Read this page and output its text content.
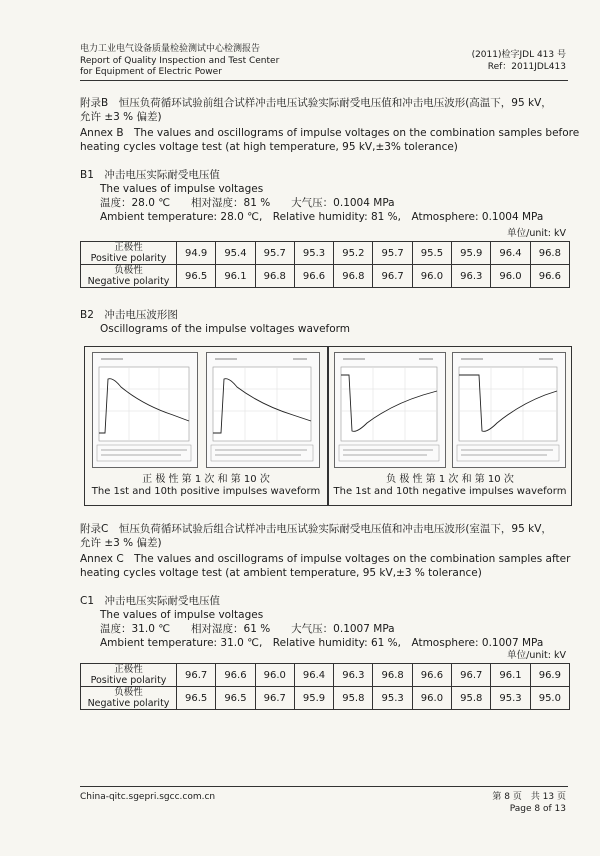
电力工业电气设备质量检验测试中心检测报告
Report of Quality Inspection and Test Center
for Equipment of Electric Power
(2011)检字JDL 413 号
Ref：2011JDL413
附录B　恒压负荷循环试验前组合试样冲击电压试验实际耐受电压值和冲击电压波形(高温下，95 kV，
允许 ±3 % 偏差)
Annex B　The values and oscillograms of impulse voltages on the combination samples before
heating cycles voltage test (at high temperature, 95 kV,±3% tolerance)
B1　冲击电压实际耐受电压值
The values of impulse voltages
温度：28.0 ℃　　相对湿度：81 %　　大气压：0.1004 MPa
Ambient temperature: 28.0 ℃,　Relative humidity: 81 %,　Atmosphere: 0.1004 MPa
单位/unit: kV
正极性
Positive polarity	94.9	95.4	95.7	95.3	95.2	95.7	95.5	95.9	96.4	96.8
负极性
Negative polarity	96.5	96.1	96.8	96.6	96.8	96.7	96.0	96.3	96.0	96.6
B2　冲击电压波形图
Oscillograms of the impulse voltages waveform
正 极 性 第 1 次 和 第 10 次
The 1st and 10th positive impulses waveform
负 极 性 第 1 次 和 第 10 次
The 1st and 10th negative impulses waveform
附录C　恒压负荷循环试验后组合试样冲击电压试验实际耐受电压值和冲击电压波形(室温下，95 kV，
允许 ±3 % 偏差)
Annex C　The values and oscillograms of impulse voltages on the combination samples after
heating cycles voltage test (at ambient temperature, 95 kV,±3 % tolerance)
C1　冲击电压实际耐受电压值
The values of impulse voltages
温度：31.0 ℃　　相对湿度：61 %　　大气压：0.1007 MPa
Ambient temperature: 31.0 ℃,　Relative humidity: 61 %,　Atmosphere: 0.1007 MPa
单位/unit: kV
正极性
Positive polarity	96.7	96.6	96.0	96.4	96.3	96.8	96.6	96.7	96.1	96.9
负极性
Negative polarity	96.5	96.5	96.7	95.9	95.8	95.3	96.0	95.8	95.3	95.0
China-qitc.sgepri.sgcc.com.cn	第 8 页　共 13 页
Page 8 of 13
